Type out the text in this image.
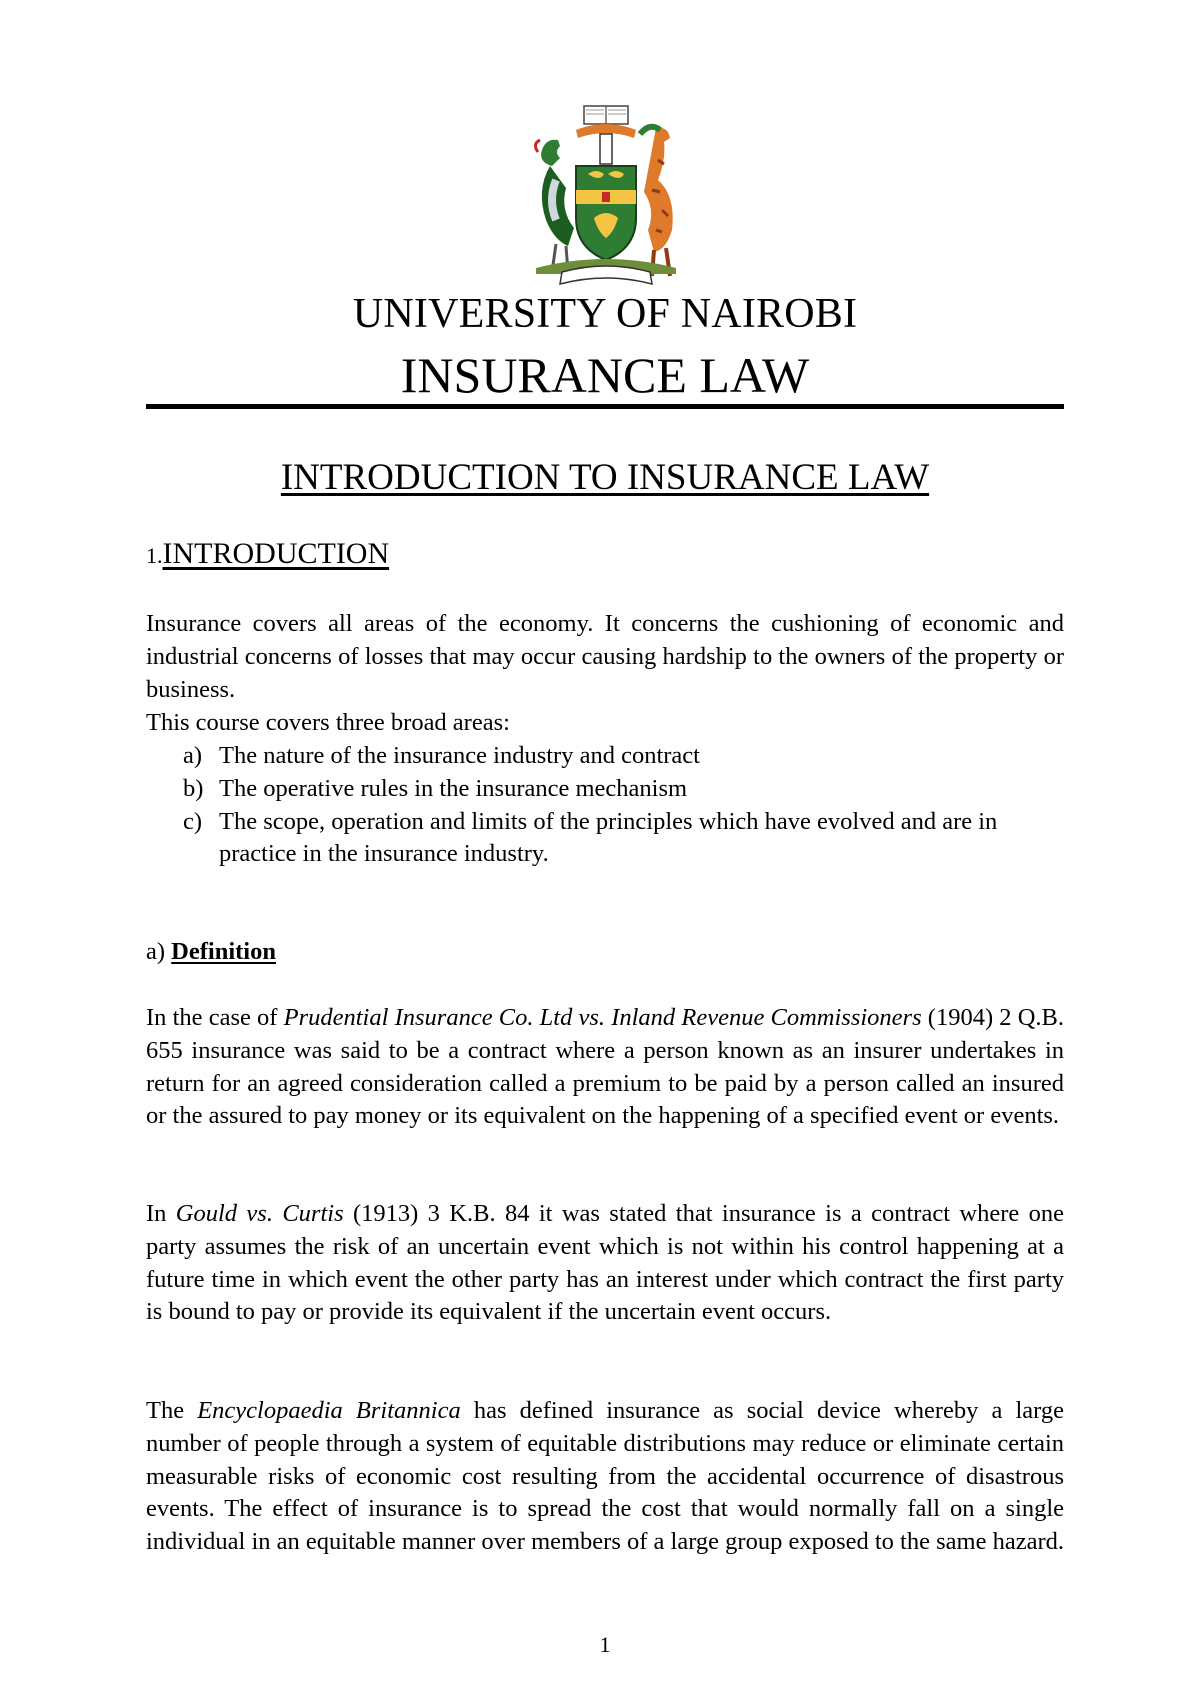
UNIVERSITY OF NAIROBI
INSURANCE LAW
INTRODUCTION TO INSURANCE LAW
1.INTRODUCTION

Insurance covers all areas of the economy. It concerns the cushioning of economic and industrial concerns of losses that may occur causing hardship to the owners of the property or business.

This course covers three broad areas:

a) The nature of the insurance industry and contract
b) The operative rules in the insurance mechanism
c) The scope, operation and limits of the principles which have evolved and are in practice in the insurance industry.
a) Definition

In the case of Prudential Insurance Co. Ltd vs. Inland Revenue Commissioners (1904) 2 Q.B. 655 insurance was said to be a contract where a person known as an insurer undertakes in return for an agreed consideration called a premium to be paid by a person called an insured or the assured to pay money or its equivalent on the happening of a specified event or events.

In Gould vs. Curtis (1913) 3 K.B. 84 it was stated that insurance is a contract where one party assumes the risk of an uncertain event which is not within his control happening at a future time in which event the other party has an interest under which contract the first party is bound to pay or provide its equivalent if the uncertain event occurs.

The Encyclopaedia Britannica has defined insurance as social device whereby a large number of people through a system of equitable distributions may reduce or eliminate certain measurable risks of economic cost resulting from the accidental occurrence of disastrous events. The effect of insurance is to spread the cost that would normally fall on a single individual in an equitable manner over members of a large group exposed to the same hazard.

1
